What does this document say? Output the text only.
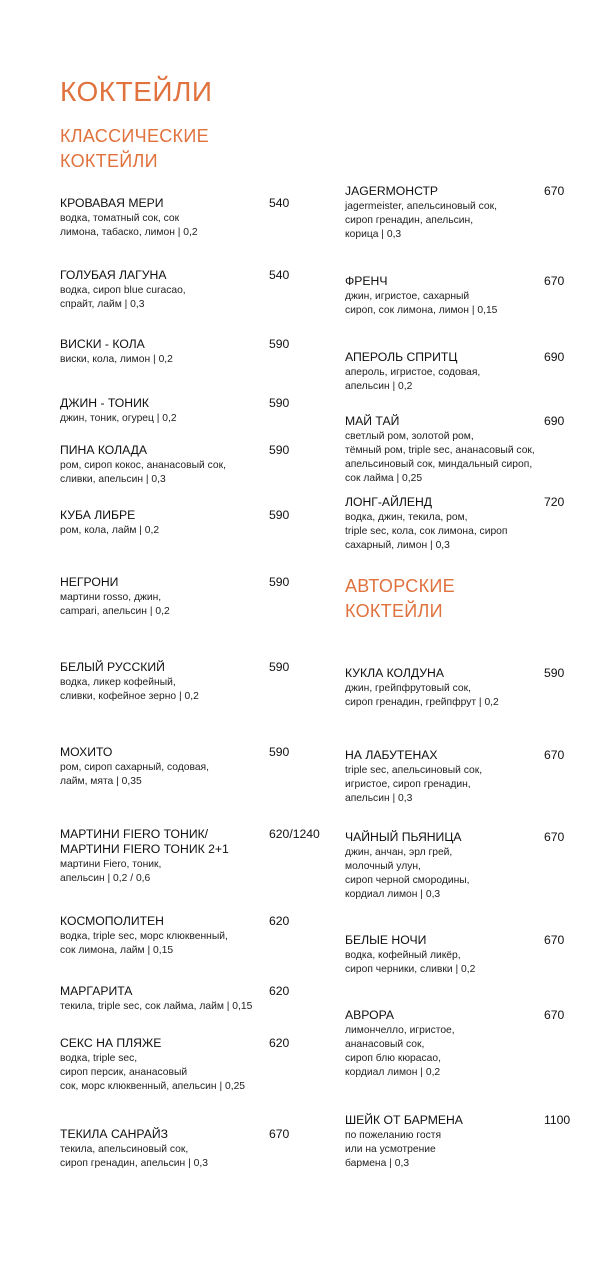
КОКТЕЙЛИ
КЛАССИЧЕСКИЕ
КОКТЕЙЛИ
АВТОРСКИЕ
КОКТЕЙЛИ
КРОВАВАЯ МЕРИ	540
водка, томатный сок, сок
лимона, табаско, лимон | 0,2
ГОЛУБАЯ ЛАГУНА	540
водка, сироп blue curacao,
спрайт, лайм | 0,3
ВИСКИ - КОЛА	590
виски, кола, лимон | 0,2
ДЖИН - ТОНИК	590
джин, тоник, огурец | 0,2
ПИНА КОЛАДА	590
ром, сироп кокос, ананасовый сок,
сливки, апельсин | 0,3
КУБА ЛИБРЕ	590
ром, кола, лайм | 0,2
НЕГРОНИ	590
мартини rosso, джин,
campari, апельсин | 0,2
БЕЛЫЙ РУССКИЙ	590
водка, ликер кофейный,
сливки, кофейное зерно | 0,2
МОХИТО	590
ром, сироп сахарный, содовая,
лайм, мята | 0,35
МАРТИНИ FIERO ТОНИК/
МАРТИНИ FIERO ТОНИК 2+1
620/1240
мартини Fiero, тоник,
апельсин | 0,2 / 0,6
КОСМОПОЛИТЕН	620
водка, triple sec, морс клюквенный,
сок лимона, лайм | 0,15
МАРГАРИТА	620
текила, triple sec, сок лайма, лайм | 0,15
СЕКС НА ПЛЯЖЕ	620
водка, triple sec,
сироп персик, ананасовый
сок, морс клюквенный, апельсин | 0,25
ТЕКИЛА САНРАЙЗ	670
текила, апельсиновый сок,
сироп гренадин, апельсин | 0,3
JAGERМОНСТР	670
jagermeister, апельсиновый сок,
сироп гренадин, апельсин,
корица | 0,3
ФРЕНЧ	670
джин, игристое, сахарный
сироп, сок лимона, лимон | 0,15
АПЕРОЛЬ СПРИТЦ	690
апероль, игристое, содовая,
апельсин | 0,2
МАЙ ТАЙ	690
светлый ром, золотой ром,
тёмный ром, triple sec, ананасовый сок,
апельсиновый сок, миндальный сироп,
сок лайма | 0,25
ЛОНГ-АЙЛЕНД	720
водка, джин, текила, ром,
triple sec, кола, сок лимона, сироп
сахарный, лимон | 0,3
КУКЛА КОЛДУНА	590
джин, грейпфрутовый сок,
сироп гренадин, грейпфрут | 0,2
НА ЛАБУТЕНАХ	670
triple sec, апельсиновый сок,
игристое, сироп гренадин,
апельсин | 0,3
ЧАЙНЫЙ ПЬЯНИЦА	670
джин, анчан, эрл грей,
молочный улун,
сироп черной смородины,
кордиал лимон | 0,3
БЕЛЫЕ НОЧИ	670
водка, кофейный ликёр,
сироп черники, сливки | 0,2
АВРОРА	670
лимончелло, игристое,
ананасовый сок,
сироп блю кюрасао,
кордиал лимон | 0,2
ШЕЙК ОТ БАРМЕНА	1100
по пожеланию гостя
или на усмотрение
бармена | 0,3
